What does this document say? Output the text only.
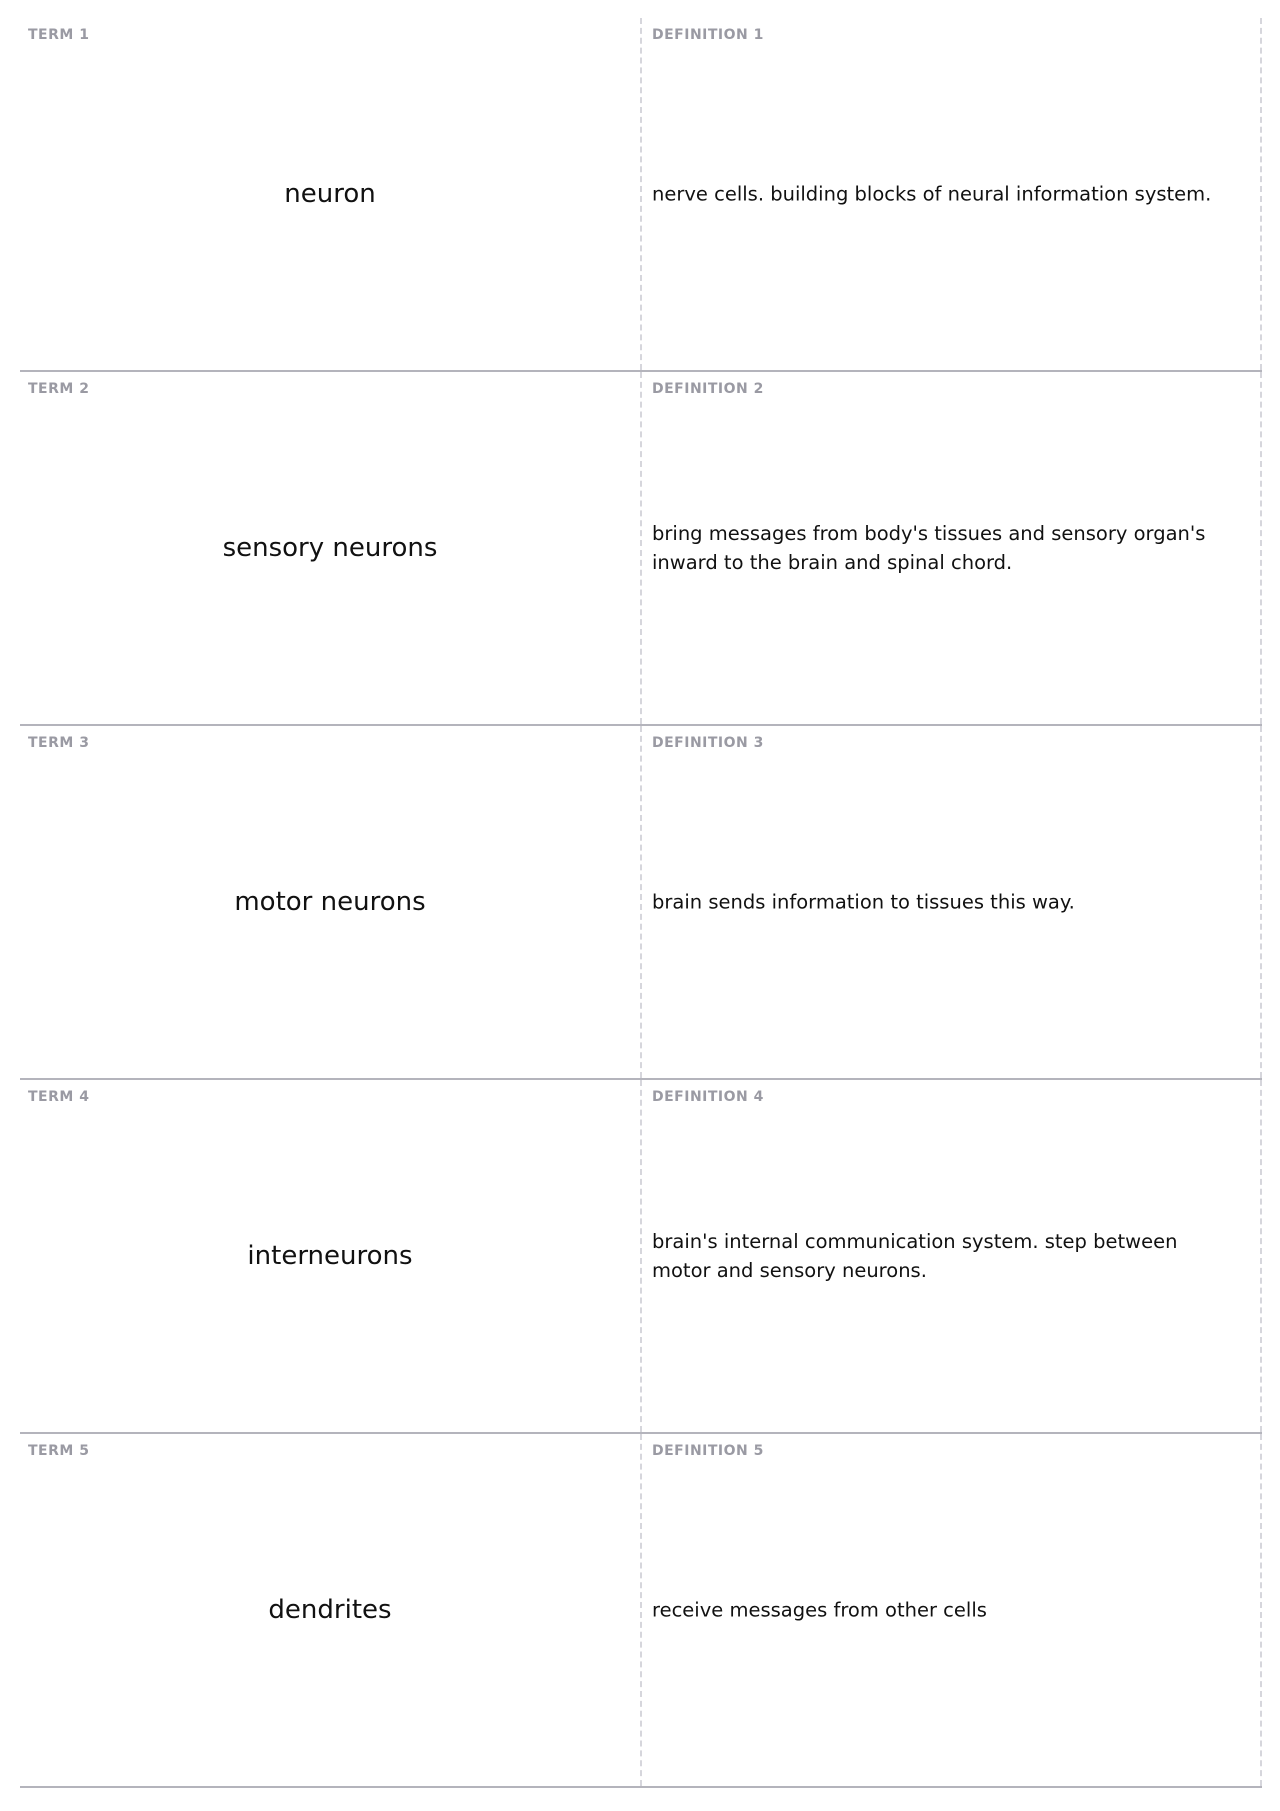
TERM 1
neuron
DEFINITION 1
nerve cells. building blocks of neural information system.
TERM 2
sensory neurons
DEFINITION 2
bring messages from body's tissues and sensory organ's inward to the brain and spinal chord.
TERM 3
motor neurons
DEFINITION 3
brain sends information to tissues this way.
TERM 4
interneurons
DEFINITION 4
brain's internal communication system. step between motor and sensory neurons.
TERM 5
dendrites
DEFINITION 5
receive messages from other cells
